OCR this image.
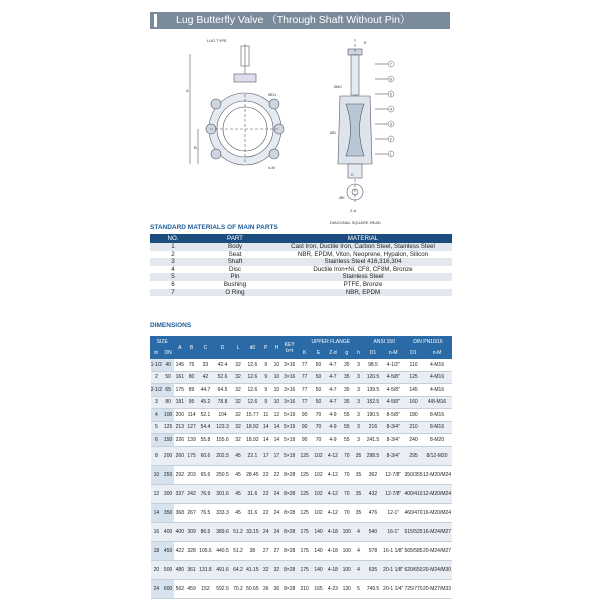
Lug Butterfly Valve （Through Shaft Without Pin）
LUG TYPE
A
B
ØD1
n-M
7
6
5
4
3
2
1
Ød0
ØD
C
E
ØK
Z-d
DIAGONAL SQUARE HEAD
STANDARD MATERIALS OF MAIN PARTS
NO.	PART	MATERIAL
1	Body	Cast Iron, Ductile Iron, Carbon Steel, Stainless Steel
2	Seat	NBR, EPDM, Viton, Neoprene, Hypalon, Silicon
3	Shaft	Stainless Steel 416,316,304
4	Disc	Ductile Iron+Ni, CF8, CF8M, Bronze
5	Pin	Stainless Steel
6	Bushing	PTFE, Bronze
7	O Ring	NBR, EPDM
DIMENSIONS
SIZE		A	B	C	D	L	d0	P	H	KEY b×t	UPPER FLANGE					ANSI 150		DIN PN10/16	
in	DN										K	E	Z-d	g	h	D1	n-M	D1	n-M
1-1/2	40	145	75	33	42.4	32	12.6	9	10	3×16	77	50	4-7	35	3	98.5	4-1/2"	110	4-M16
2	50	161	80	42	52.6	32	12.6	9	10	3×16	77	50	4-7	35	3	120.5	4-5/8"	125	4-M16
2-1/2	65	175	89	44.7	64.5	32	12.6	9	10	3×16	77	50	4-7	35	3	139.5	4-5/8"	145	4-M16
3	80	181	95	45.2	78.8	32	12.6	9	10	3×16	77	50	4-7	35	3	152.5	4-5/8"	160	4/8-M16
4	100	200	114	52.1	104	32	15.77	11	12	5×19	90	70	4-9	55	3	190.5	8-5/8"	180	8-M16
5	125	213	127	54.4	123.3	32	18.92	14	14	5×19	90	70	4-9	55	3	216	8-3/4"	210	8-M16
6	150	226	139	55.8	155.6	32	18.92	14	14	5×19	90	70	4-9	55	3	241.5	8-3/4"	240	8-M20
8	200	260	175	60.6	202.5	45	22.1	17	17	5×19	125	102	4-12	70	35	298.5	8-3/4"	295	8/12-M20
10	250	292	203	65.6	250.5	45	28.45	22	22	8×28	125	102	4-12	70	35	362	12-7/8"	350/355	12-M20/M24
12	300	337	242	76.9	301.6	45	31.6	22	24	8×28	125	102	4-12	70	35	432	12-7/8"	400/410	12-M20/M24
14	350	368	267	76.5	333.3	45	31.6	22	24	8×28	125	102	4-12	70	35	476	12-1"	460/470	16-M20/M24
16	400	400	309	86.5	389.6	51.2	33.15	24	24	8×28	175	140	4-18	100	4	540	16-1"	515/525	16-M24/M27
18	450	422	328	105.6	440.5	51.2	38	27	27	8×28	175	140	4-18	100	4	578	16-1 1/8"	565/585	20-M24/M27
20	500	480	361	131.8	491.6	64.2	41.15	32	32	8×28	175	140	4-18	100	4	635	20-1 1/8"	620/650	20-M24/M30
24	600	562	459	152	592.5	70.2	50.65	36	36	8×28	210	165	4-23	130	5	749.5	20-1 1/4"	725/770	20-M27/M33
